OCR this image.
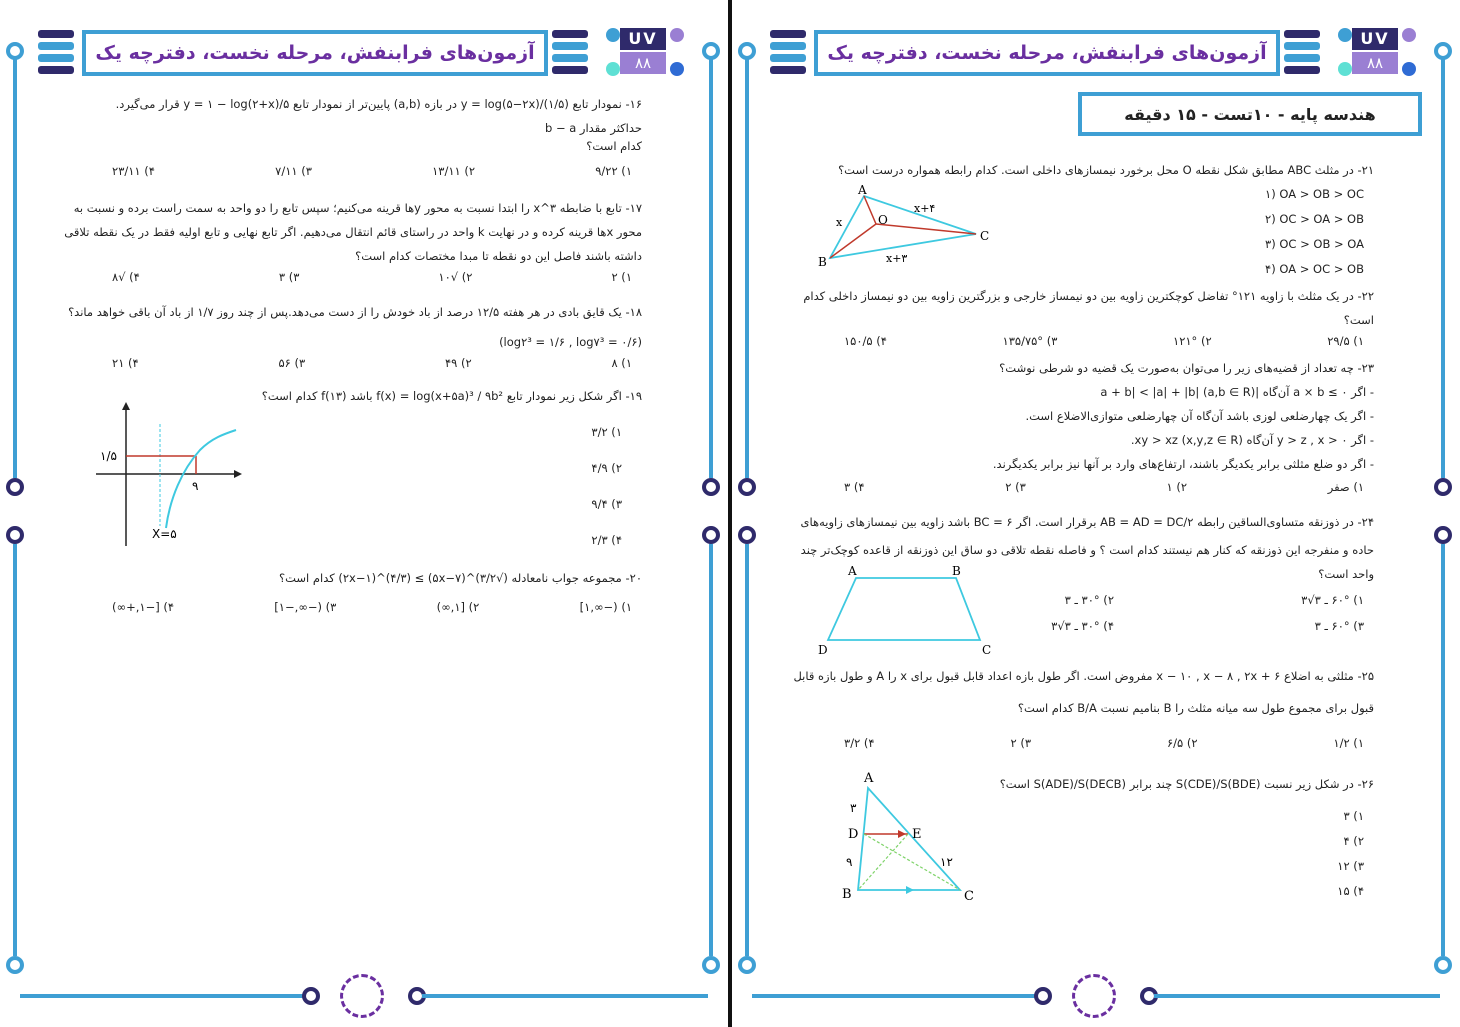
آزمون‌های فرابنفش، مرحله نخست، دفترچه یک
UV
۸۸
۱۶- نمودار تابع y = log(۵−۲x)/(۱/۵) در بازه (a,b) پایین‌تر از نمودار تابع y = ۱ − log(۲+x)/۵ قرار می‌گیرد. حداکثر مقدار b − a
کدام است؟
۱) ۹/۲۲
۲) ۱۳/۱۱
۳) ۷/۱۱
۴) ۲۳/۱۱
۱۷- تابع با ضابطه ۳^x را ابتدا نسبت به محور yها قرینه می‌کنیم؛ سپس تابع را دو واحد به سمت راست برده و نسبت به
محور xها قرینه کرده و در نهایت k واحد در راستای قائم انتقال می‌دهیم. اگر تابع نهایی و تابع اولیه فقط در یک نقطه تلاقی
داشته باشند فاصل این دو نقطه تا مبدا مختصات کدام است؟
۱) ۲
۲) √۱۰
۳) ۳
۴) √۸
۱۸- یک قایق بادی در هر هفته ۱۲/۵ درصد از باد خودش را از دست می‌دهد.پس از چند روز ۱/۷ از باد آن باقی خواهد ماند؟
(log۲³ = ۱/۶ , log۷³ = ۰/۶)
۱) ۸
۲) ۴۹
۳) ۵۶
۴) ۲۱
۱۹- اگر شکل زیر نمودار تابع f(x) = log(x+۵a)³ / ۹b² باشد f(۱۳) کدام است؟
۱) ۳/۲
۲) ۴/۹
۳) ۹/۴
۴) ۲/۳
۱/۵
۹
X=۵
۲۰- مجموعه جواب نامعادله (√۳/۲)^(۵x−۷) ≥ (۴/۳)^(۲x−۱) کدام است؟
۱) (−∞,۱]
۲) [۱,∞)
۳) (−∞,−۱]
۴) [−۱,+∞)
آزمون‌های فرابنفش، مرحله نخست، دفترچه یک
UV
۸۸
هندسه پایه - ۱۰تست - ۱۵ دقیقه
۲۱- در مثلث ABC مطابق شکل نقطه O محل برخورد نیمسازهای داخلی است. کدام رابطه همواره درست است؟
۱) OA > OB > OC
۲) OC > OA > OB
۳) OC > OB > OA
۴) OA > OC > OB
A
B
C
O
x
x+۴
x+۳
۲۲- در یک مثلث با زاویه ۱۲۱° تفاضل کوچکترین زاویه بین دو نیمساز خارجی و بزرگترین زاویه بین دو نیمساز داخلی کدام
است؟
۱) ۲۹/۵
۲) ۱۲۱°
۳) ۱۳۵/۷۵°
۴) ۱۵۰/۵
۲۳- چه تعداد از قضیه‌های زیر را می‌توان به‌صورت یک قضیه دو شرطی نوشت؟
- اگر a × b ≤ ۰ آن‌گاه |a + b| < |a| + |b| (a,b ∈ R)
- اگر یک چهارضلعی لوزی باشد آن‌گاه آن چهارضلعی متوازی‌الاضلاع است.
- اگر y > z , x > ۰ آن‌گاه xy > xz (x,y,z ∈ R).
- اگر دو ضلع مثلثی برابر یکدیگر باشند، ارتفاع‌های وارد بر آنها نیز برابر یکدیگرند.
۱) صفر
۲) ۱
۳) ۲
۴) ۳
۲۴- در ذوزنقه متساوی‌الساقین رابطه AB = AD = DC/۲ برقرار است. اگر BC = ۶ باشد زاویه بین نیمسازهای زاویه‌های
حاده و منفرجه این ذوزنقه که کنار هم نیستند کدام است ؟ و فاصله نقطه تلاقی دو ساق این ذوزنقه از قاعده کوچک‌تر چند
واحد است؟
۱) ۶۰° ـ ۳√۳
۲) ۳۰° ـ ۳
۳) ۶۰° ـ ۳
۴) ۳۰° ـ ۳√۳
A	B
C
D
۲۵- مثلثی به اضلاع x − ۱۰ , x − ۸ , ۲x + ۶ مفروض است. اگر طول بازه اعداد قابل قبول برای x را A و طول بازه قابل
قبول برای مجموع طول سه میانه مثلث را B بنامیم نسبت B/A کدام است؟
۱) ۱/۲
۲) ۶/۵
۳) ۲
۴) ۳/۲
۲۶- در شکل زیر نسبت S(CDE)/S(BDE) چند برابر S(ADE)/S(DECB) است؟
۱) ۳
۲) ۴
۳) ۱۲
۴) ۱۵
A
B	C
D	E
۳
۹	۱۲
